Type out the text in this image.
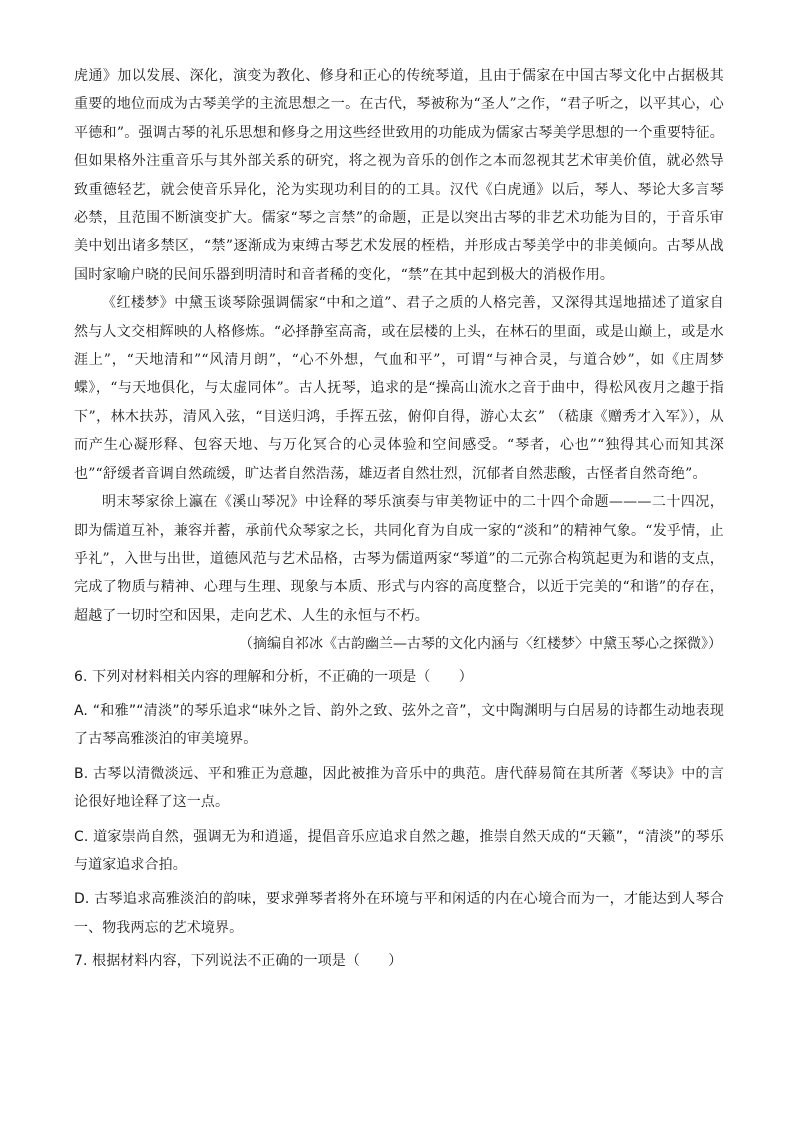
虎通》加以发展、深化，演变为教化、修身和正心的传统琴道，且由于儒家在中国古琴文化中占据极其重要的地位而成为古琴美学的主流思想之一。在古代，琴被称为“圣人”之作，“君子听之，以平其心，心平德和”。强调古琴的礼乐思想和修身之用这些经世致用的功能成为儒家古琴美学思想的一个重要特征。但如果格外注重音乐与其外部关系的研究，将之视为音乐的创作之本而忽视其艺术审美价值，就必然导致重德轻艺，就会使音乐异化，沦为实现功利目的的工具。汉代《白虎通》以后，琴人、琴论大多言琴必禁，且范围不断演变扩大。儒家“琴之言禁”的命题，正是以突出古琴的非艺术功能为目的，于音乐审美中划出诸多禁区，“禁”逐渐成为束缚古琴艺术发展的桎梏，并形成古琴美学中的非美倾向。古琴从战国时家喻户晓的民间乐器到明清时和音者稀的变化，“禁”在其中起到极大的消极作用。

《红楼梦》中黛玉谈琴除强调儒家“中和之道”、君子之质的人格完善，又深得其逞地描述了道家自然与人文交相辉映的人格修炼。“必择静室高斋，或在层楼的上头，在林石的里面，或是山巅上，或是水涯上”，“天地清和”“风清月朗”，“心不外想，气血和平”，可谓“与神合灵，与道合妙”，如《庄周梦蝶》，“与天地俱化，与太虚同体”。古人抚琴，追求的是“操高山流水之音于曲中，得松风夜月之趣于指下”，林木扶苏，清风入弦，“目送归鸿，手挥五弦，俯仰自得，游心太玄” （嵇康《赠秀才入军》），从而产生心凝形释、包容天地、与万化冥合的心灵体验和空间感受。“琴者，心也”“独得其心而知其深也”“舒缓者音调自然疏缓，旷达者自然浩荡，雄迈者自然壮烈，沉郁者自然悲酸，古怪者自然奇绝”。

明末琴家徐上瀛在《溪山琴况》中诠释的琴乐演奏与审美物证中的二十四个命题———二十四况，即为儒道互补，兼容并蓄，承前代众琴家之长，共同化育为自成一家的“淡和”的精神气象。“发乎情，止乎礼”，入世与出世，道德风范与艺术品格，古琴为儒道两家“琴道”的二元弥合构筑起更为和谐的支点，完成了物质与精神、心理与生理、现象与本质、形式与内容的高度整合，以近于完美的“和谐”的存在，超越了一切时空和因果，走向艺术、人生的永恒与不朽。

（摘编自祁冰《古韵幽兰—古琴的文化内涵与〈红楼梦〉中黛玉琴心之探微》）

6. 下列对材料相关内容的理解和分析，不正确的一项是（　　）

A. “和雅”“清淡”的琴乐追求“味外之旨、韵外之致、弦外之音”，文中陶渊明与白居易的诗都生动地表现了古琴高雅淡泊的审美境界。

B. 古琴以清微淡远、平和雅正为意趣，因此被推为音乐中的典范。唐代薛易简在其所著《琴诀》中的言论很好地诠释了这一点。

C. 道家崇尚自然，强调无为和逍遥，提倡音乐应追求自然之趣，推崇自然天成的“天籁”，“清淡”的琴乐与道家追求合拍。

D. 古琴追求高雅淡泊的韵味，要求弹琴者将外在环境与平和闲适的内在心境合而为一，才能达到人琴合一、物我两忘的艺术境界。

7. 根据材料内容，下列说法不正确的一项是（　　）
